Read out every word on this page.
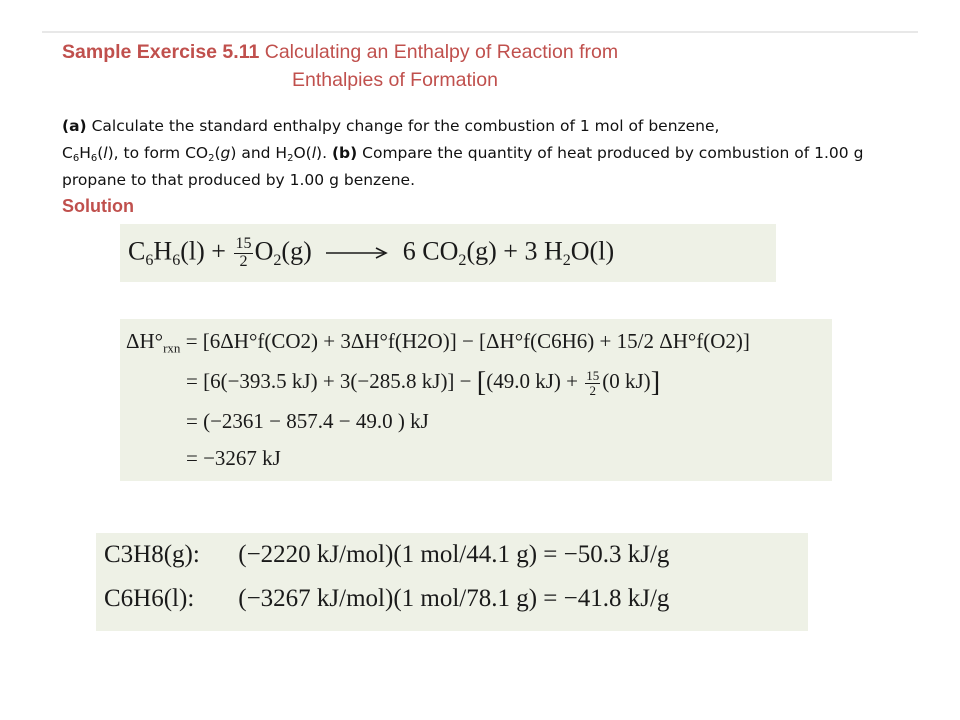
Sample Exercise 5.11 Calculating an Enthalpy of Reaction from
Enthalpies of Formation
(a) Calculate the standard enthalpy change for the combustion of 1 mol of benzene,
$C_6H_6(l)$, to form $CO_2(g)$ and $H_2O(l)$. (b) Compare the quantity of heat produced by combustion of 1.00 g propane to that produced by 1.00 g benzene.
Solution
$C_6H_6(l) + \frac{15}{2} O_2(g) \to 6$ $CO_2(g) + 3$ $H_2O(l)$
$\Delta H^\circ_{rxn} = [6\Delta H^\circ f(CO2) + 3\Delta H^\circ f(H2O)] - [\Delta H^\circ f(C6H6) + 15/2$ ΔH°f(O2)]
= [6(−393.5 kJ) + 3(−285.8 kJ)] − [(49.0 $kJ) + \frac{15}{2} (0$ kJ)]
= (−2361 − 857.4 − 49.0 ) kJ
= −3267 kJ
C3H8(g): (−2220 kJ/mol)(1 mol/44.1 g) = −50.3 kJ/g
C6H6(l): (−3267 kJ/mol)(1 mol/78.1 g) = −41.8 kJ/g
